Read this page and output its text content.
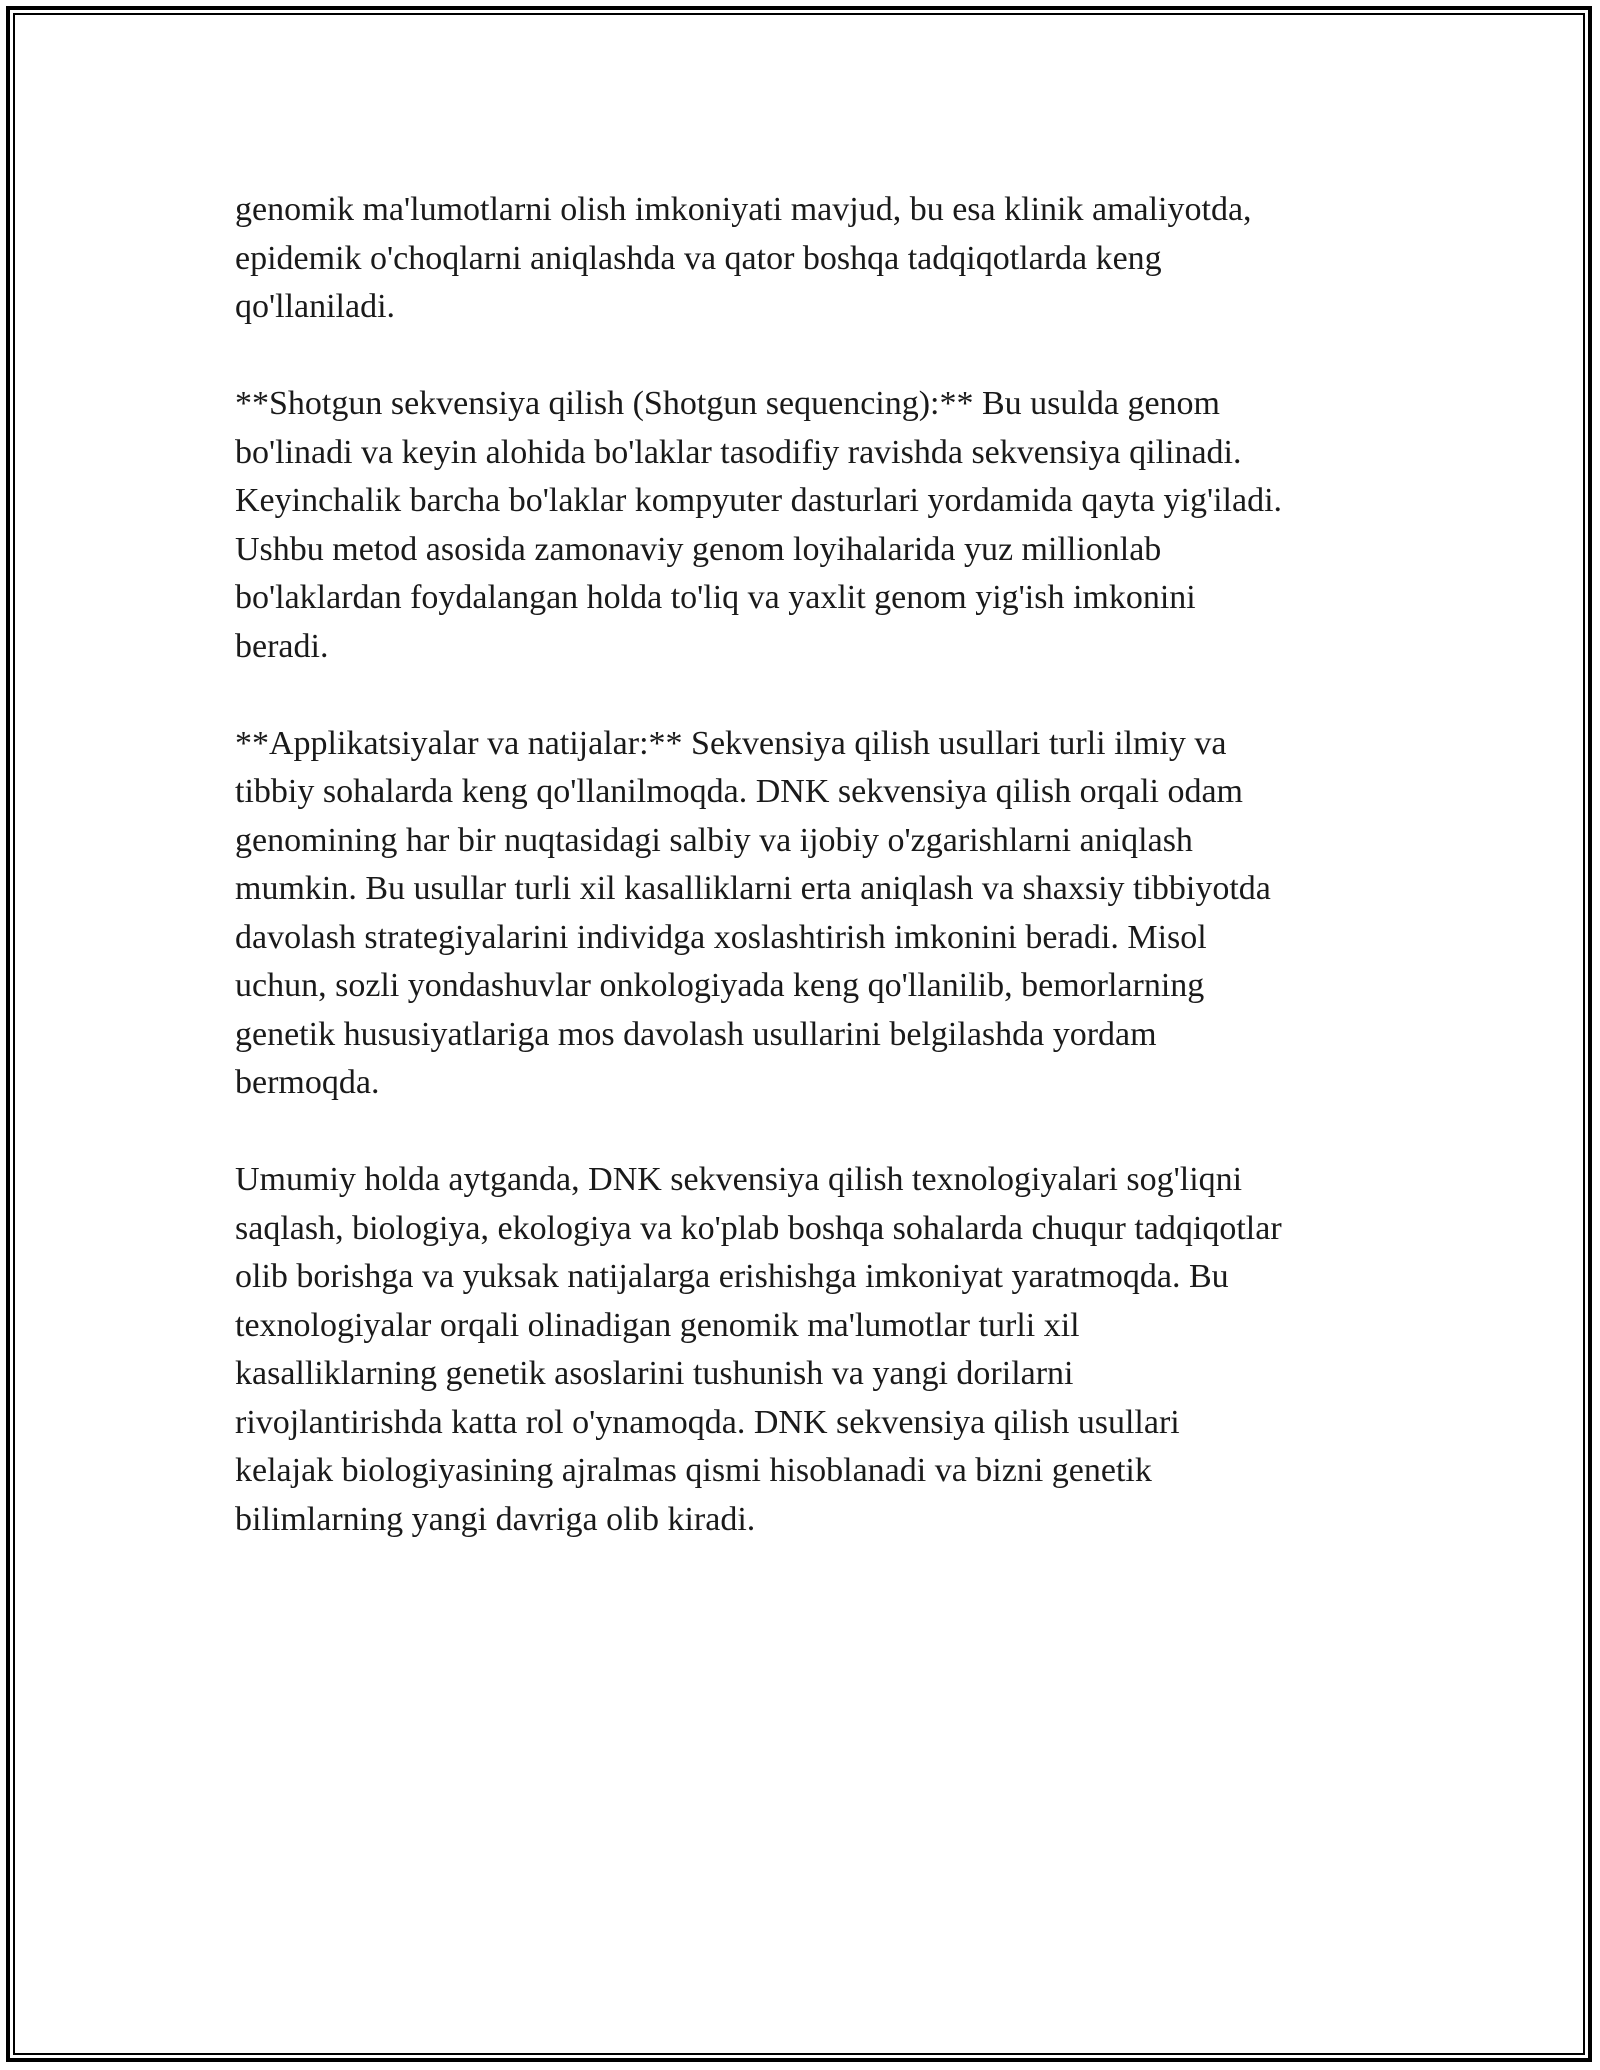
genomik ma'lumotlarni olish imkoniyati mavjud, bu esa klinik amaliyotda,
epidemik o'choqlarni aniqlashda va qator boshqa tadqiqotlarda keng
qo'llaniladi.

**Shotgun sekvensiya qilish (Shotgun sequencing):** Bu usulda genom
bo'linadi va keyin alohida bo'laklar tasodifiy ravishda sekvensiya qilinadi.
Keyinchalik barcha bo'laklar kompyuter dasturlari yordamida qayta yig'iladi.
Ushbu metod asosida zamonaviy genom loyihalarida yuz millionlab
bo'laklardan foydalangan holda to'liq va yaxlit genom yig'ish imkonini
beradi.

**Applikatsiyalar va natijalar:** Sekvensiya qilish usullari turli ilmiy va
tibbiy sohalarda keng qo'llanilmoqda. DNK sekvensiya qilish orqali odam
genomining har bir nuqtasidagi salbiy va ijobiy o'zgarishlarni aniqlash
mumkin. Bu usullar turli xil kasalliklarni erta aniqlash va shaxsiy tibbiyotda
davolash strategiyalarini individga xoslashtirish imkonini beradi. Misol
uchun, sozli yondashuvlar onkologiyada keng qo'llanilib, bemorlarning
genetik hususiyatlariga mos davolash usullarini belgilashda yordam
bermoqda.

Umumiy holda aytganda, DNK sekvensiya qilish texnologiyalari sog'liqni
saqlash, biologiya, ekologiya va ko'plab boshqa sohalarda chuqur tadqiqotlar
olib borishga va yuksak natijalarga erishishga imkoniyat yaratmoqda. Bu
texnologiyalar orqali olinadigan genomik ma'lumotlar turli xil
kasalliklarning genetik asoslarini tushunish va yangi dorilarni
rivojlantirishda katta rol o'ynamoqda. DNK sekvensiya qilish usullari
kelajak biologiyasining ajralmas qismi hisoblanadi va bizni genetik
bilimlarning yangi davriga olib kiradi.
